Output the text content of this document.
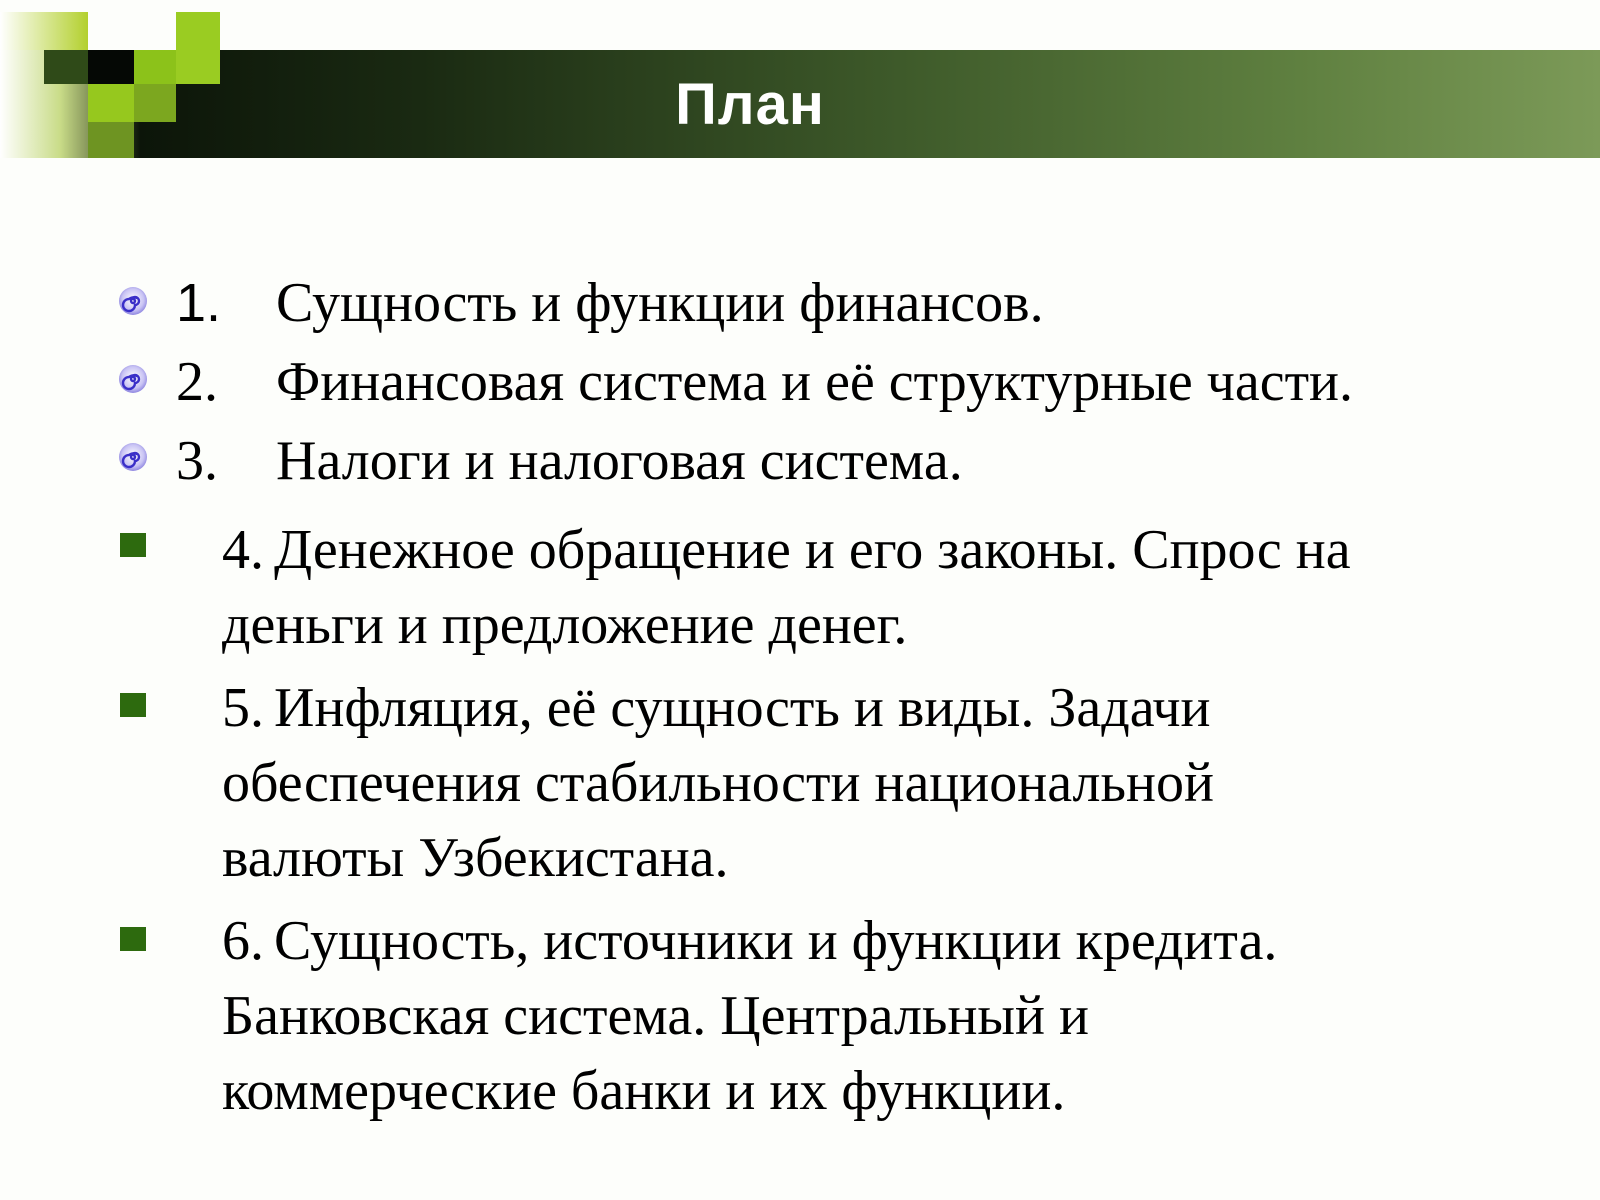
План
1. Сущность и функции финансов.
2. Финансовая система и её структурные части.
3. Налоги и налоговая система.
4. Денежное обращение и его законы. Спрос на
деньги и предложение денег.
5. Инфляция, её сущность и виды. Задачи
обеспечения стабильности национальной
валюты Узбекистана.
6. Сущность, источники и функции кредита.
Банковская система. Центральный и
коммерческие банки и их функции.
